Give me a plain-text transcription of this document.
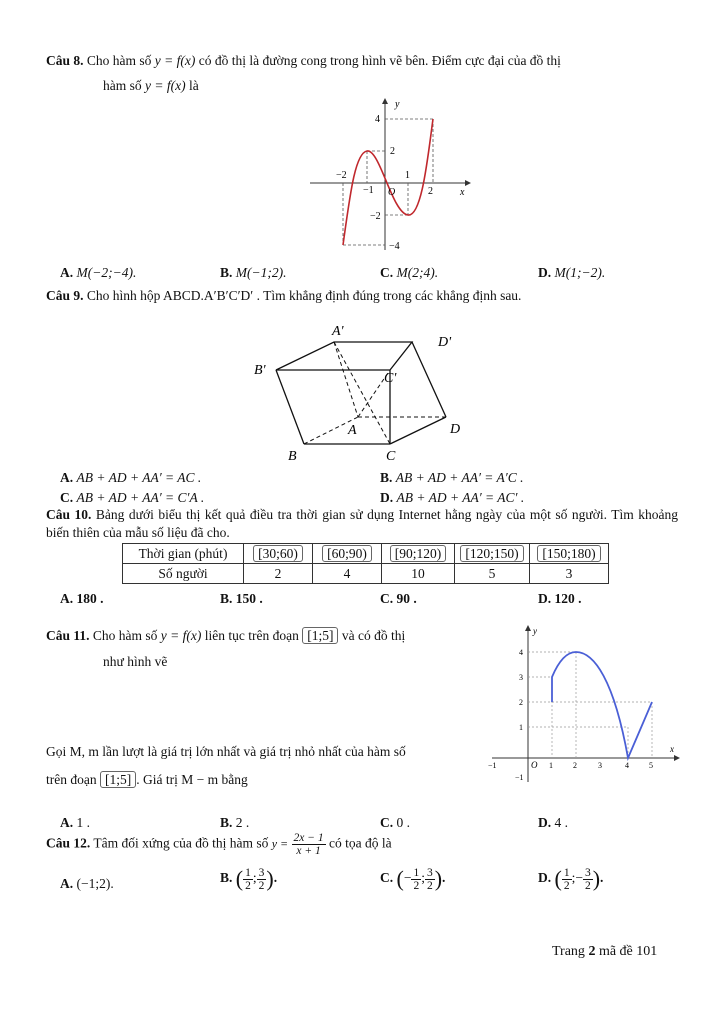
Câu 8. Cho hàm số y = f(x) có đồ thị là đường cong trong hình vẽ bên. Điểm cực đại của đồ thị
hàm số y = f(x) là
y
x
O
4
2
−2	1
−1	2
−2
−4
A. M(−2;−4).	B. M(−1;2).	C. M(2;4).	D. M(1;−2).
Câu 9. Cho hình hộp ABCD.A′B′C′D′ . Tìm khẳng định đúng trong các khẳng định sau.
A'
D'
B'
C'
A	D
B	C
A. AB + AD + AA′ = AC .	B. AB + AD + AA′ = A′C .
C. AB + AD + AA′ = C′A .	D. AB + AD + AA′ = AC′ .
Câu 10. Bảng dưới biểu thị kết quả điều tra thời gian sử dụng Internet hằng ngày của một số người. Tìm khoảng biến thiên của mẫu số liệu đã cho.
Thời gian (phút)	[30;60)	[60;90)	[90;120)	[120;150)	[150;180)
Số người	2	4	10	5	3
A. 180 .	B. 150 .	C. 90 .	D. 120 .
Câu 11. Cho hàm số y = f(x) liên tục trên đoạn [1;5] và có đồ thị
như hình vẽ
Gọi M, m lần lượt là giá trị lớn nhất và giá trị nhỏ nhất của hàm số
trên đoạn [1;5] . Giá trị M − m bằng
y
x
O
4
3
2
1
−1
−1	1	2	3	4	5
A. 1 .	B. 2 .	C. 0 .	D. 4 .
Câu 12. Tâm đối xứng của đồ thị hàm số $y = \frac{2x - 1}{x + 1}$ có tọa độ là
A. (−1;2).	B. ( $\frac{1}{2}$ ; $\frac{3}{2}$ ).	C. (− $\frac{1}{2}$ ; $\frac{3}{2}$ ).	D. ( $\frac{1}{2}$ ;− $\frac{3}{2}$ ).
Trang 2 mã đề 101
